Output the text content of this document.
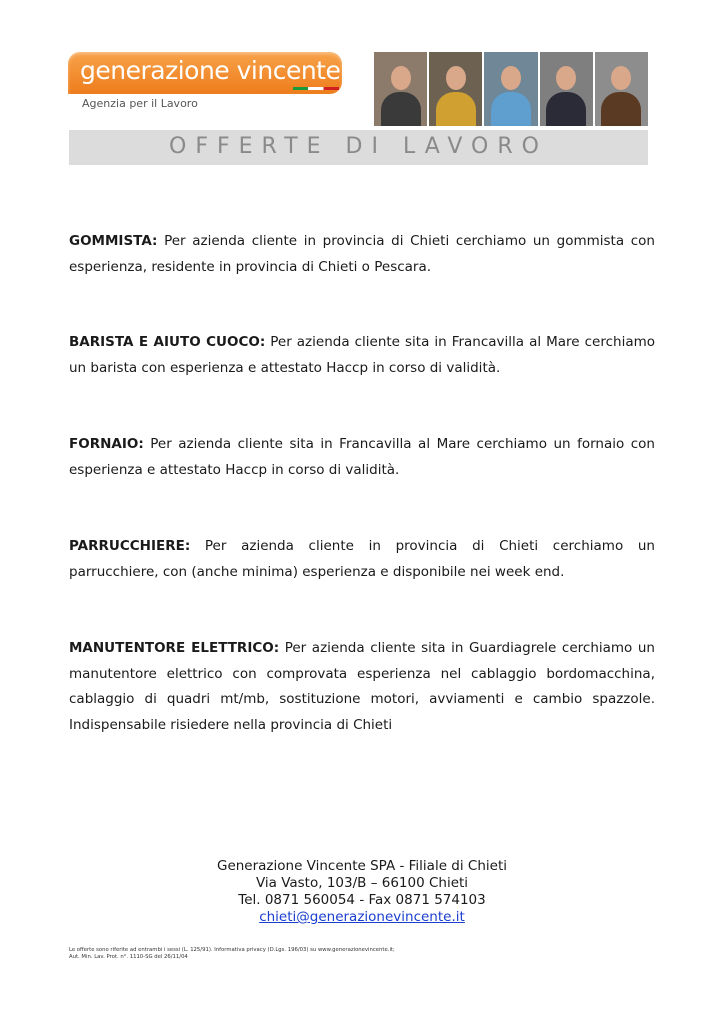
generazione vincente
Agenzia per il Lavoro
OFFERTE DI LAVORO

GOMMISTA: Per azienda cliente in provincia di Chieti cerchiamo un gommista con esperienza, residente in provincia di Chieti o Pescara.

BARISTA E AIUTO CUOCO: Per azienda cliente sita in Francavilla al Mare cerchiamo un barista con esperienza e attestato Haccp in corso di validità.

FORNAIO: Per azienda cliente sita in Francavilla al Mare cerchiamo un fornaio con esperienza e attestato Haccp in corso di validità.

PARRUCCHIERE: Per azienda cliente in provincia di Chieti cerchiamo un parrucchiere, con (anche minima) esperienza e disponibile nei week end.

MANUTENTORE ELETTRICO: Per azienda cliente sita in Guardiagrele cerchiamo un manutentore elettrico con comprovata esperienza nel cablaggio bordomacchina, cablaggio di quadri mt/mb, sostituzione motori, avviamenti e cambio spazzole. Indispensabile risiedere nella provincia di Chieti

Generazione Vincente SPA - Filiale di Chieti
Via Vasto, 103/B – 66100 Chieti
Tel. 0871 560054 - Fax 0871 574103
chieti@generazionevincente.it
Le offerte sono riferite ad entrambi i sessi (L. 125/91). Informativa privacy (D.Lgs. 196/03) su www.generazionevincente.it;
Aut. Min. Lav. Prot. n°. 1110-SG del 26/11/04
